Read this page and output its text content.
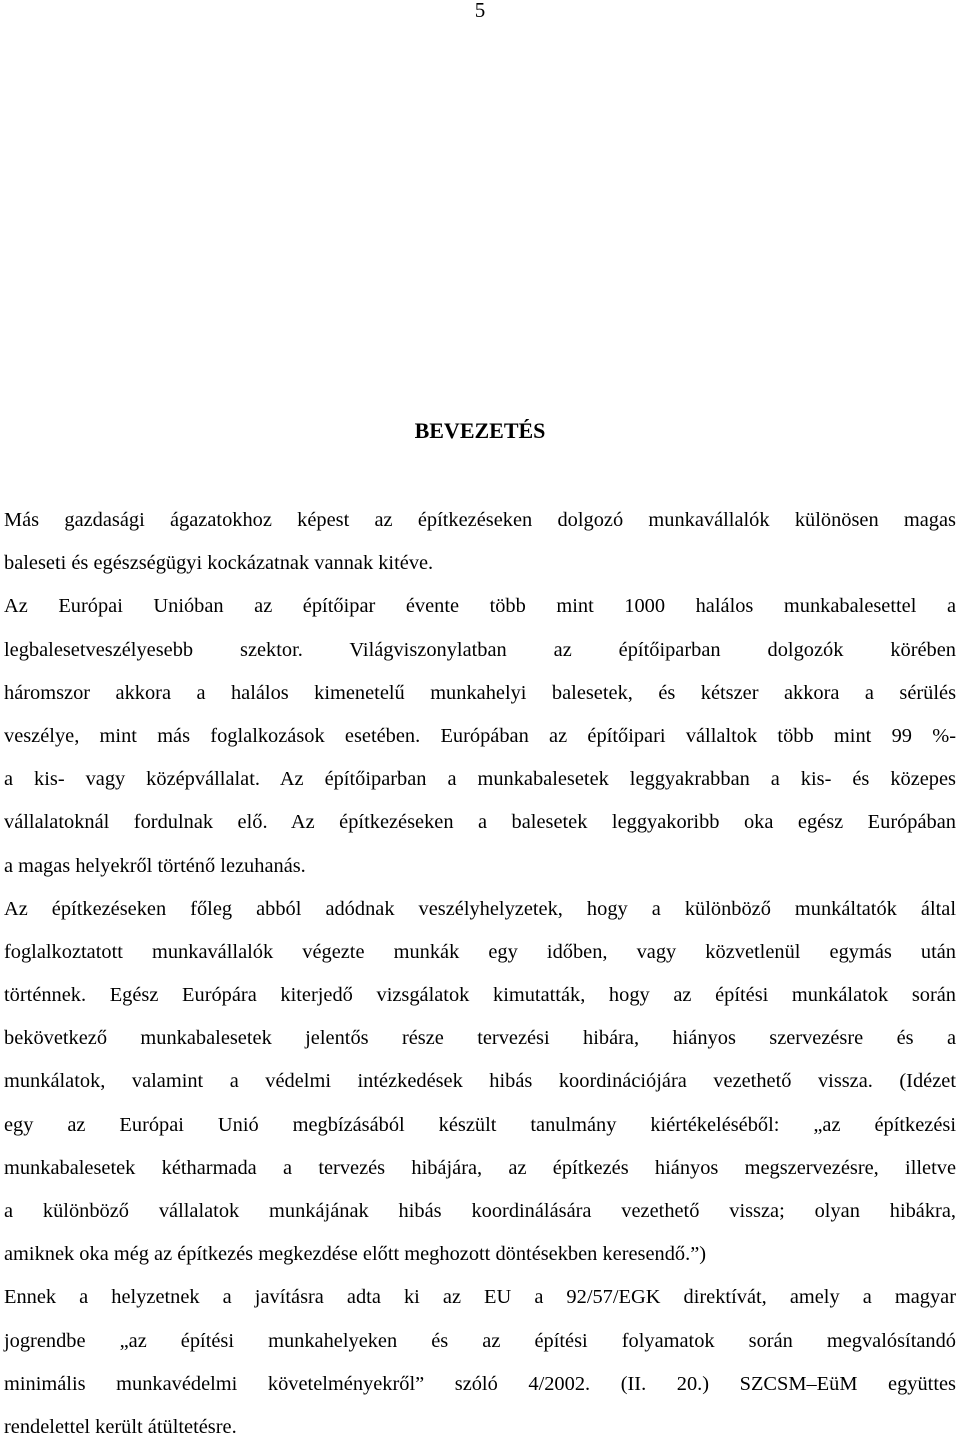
5
BEVEZETÉS
Más gazdasági ágazatokhoz képest az építkezéseken dolgozó munkavállalók különösen magas
baleseti és egészségügyi kockázatnak vannak kitéve.
Az Európai Unióban az építőipar évente több mint 1000 halálos munkabalesettel a
legbalesetveszélyesebb szektor. Világviszonylatban az építőiparban dolgozók körében
háromszor akkora a halálos kimenetelű munkahelyi balesetek, és kétszer akkora a sérülés
veszélye, mint más foglalkozások esetében. Európában az építőipari vállaltok több mint 99 %-
a kis- vagy középvállalat. Az építőiparban a munkabalesetek leggyakrabban a kis- és közepes
vállalatoknál fordulnak elő. Az építkezéseken a balesetek leggyakoribb oka egész Európában
a magas helyekről történő lezuhanás.
Az építkezéseken főleg abból adódnak veszélyhelyzetek, hogy a különböző munkáltatók által
foglalkoztatott munkavállalók végezte munkák egy időben, vagy közvetlenül egymás után
történnek. Egész Európára kiterjedő vizsgálatok kimutatták, hogy az építési munkálatok során
bekövetkező munkabalesetek jelentős része tervezési hibára, hiányos szervezésre és a
munkálatok, valamint a védelmi intézkedések hibás koordinációjára vezethető vissza. (Idézet
egy az Európai Unió megbízásából készült tanulmány kiértékeléséből: „az építkezési
munkabalesetek kétharmada a tervezés hibájára, az építkezés hiányos megszervezésre, illetve
a különböző vállalatok munkájának hibás koordinálására vezethető vissza; olyan hibákra,
amiknek oka még az építkezés megkezdése előtt meghozott döntésekben keresendő.”)
Ennek a helyzetnek a javításra adta ki az EU a 92/57/EGK direktívát, amely a magyar
jogrendbe „az építési munkahelyeken és az építési folyamatok során megvalósítandó
minimális munkavédelmi követelményekről” szóló 4/2002. (II. 20.) SZCSM–EüM együttes
rendelettel került átültetésre.
